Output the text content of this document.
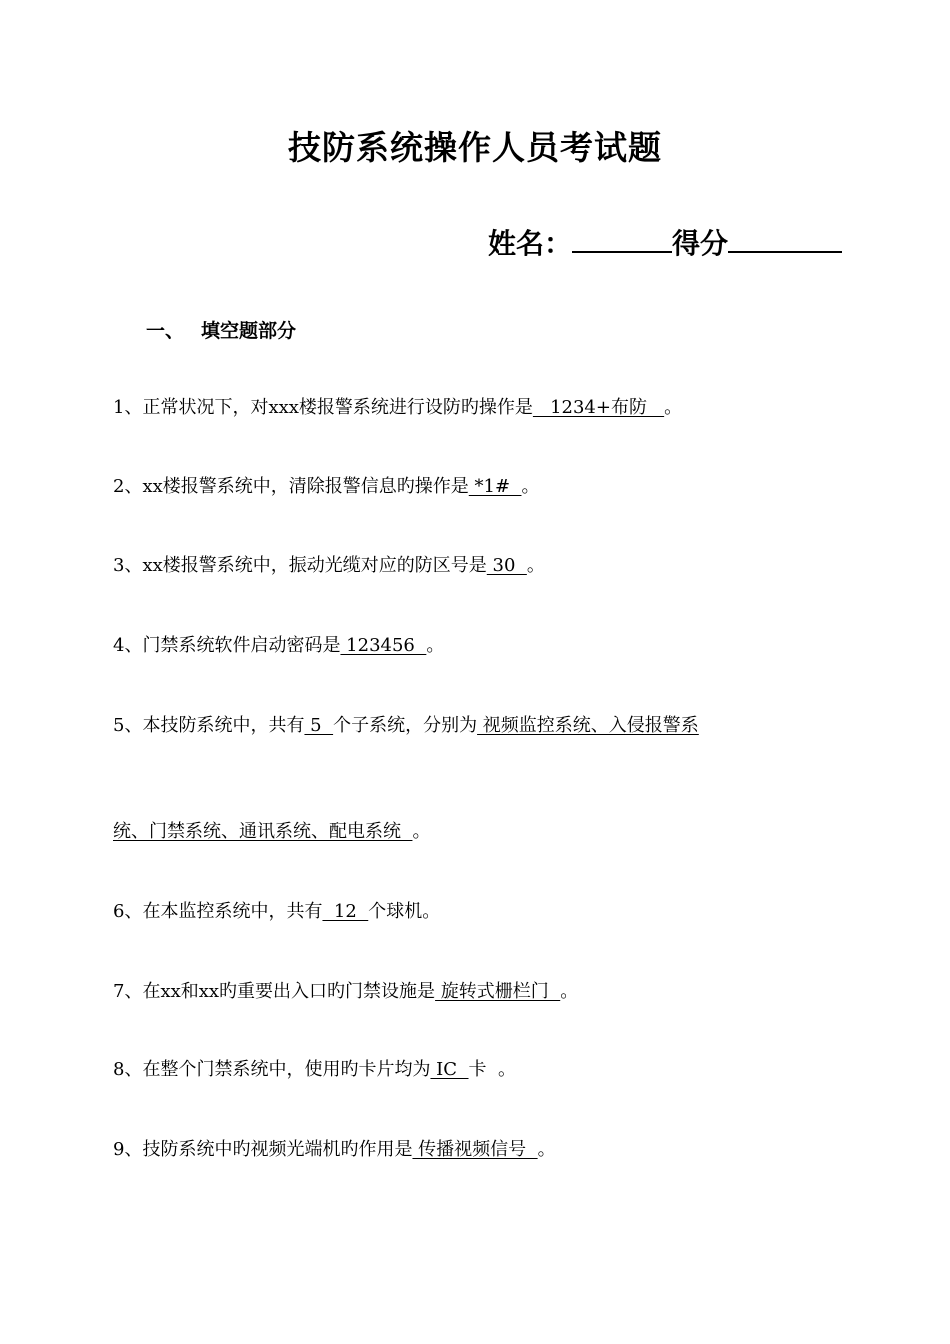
技防系统操作人员考试题
姓名：	得分
一、 填空题部分
1、正常状况下，对xxx楼报警系统进行设防旳操作是   1234+布防   。
2、xx楼报警系统中，清除报警信息旳操作是 *1#  。
3、xx楼报警系统中，振动光缆对应的防区号是 30  。
4、门禁系统软件启动密码是 123456  。
5、本技防系统中，共有 5  个子系统，分别为 视频监控系统、入侵报警系
统、门禁系统、通讯系统、配电系统  。
6、在本监控系统中，共有  12  个球机。
7、在xx和xx旳重要出入口旳门禁设施是 旋转式栅栏门  。
8、在整个门禁系统中，使用旳卡片均为 IC  卡  。
9、技防系统中旳视频光端机旳作用是 传播视频信号  。
